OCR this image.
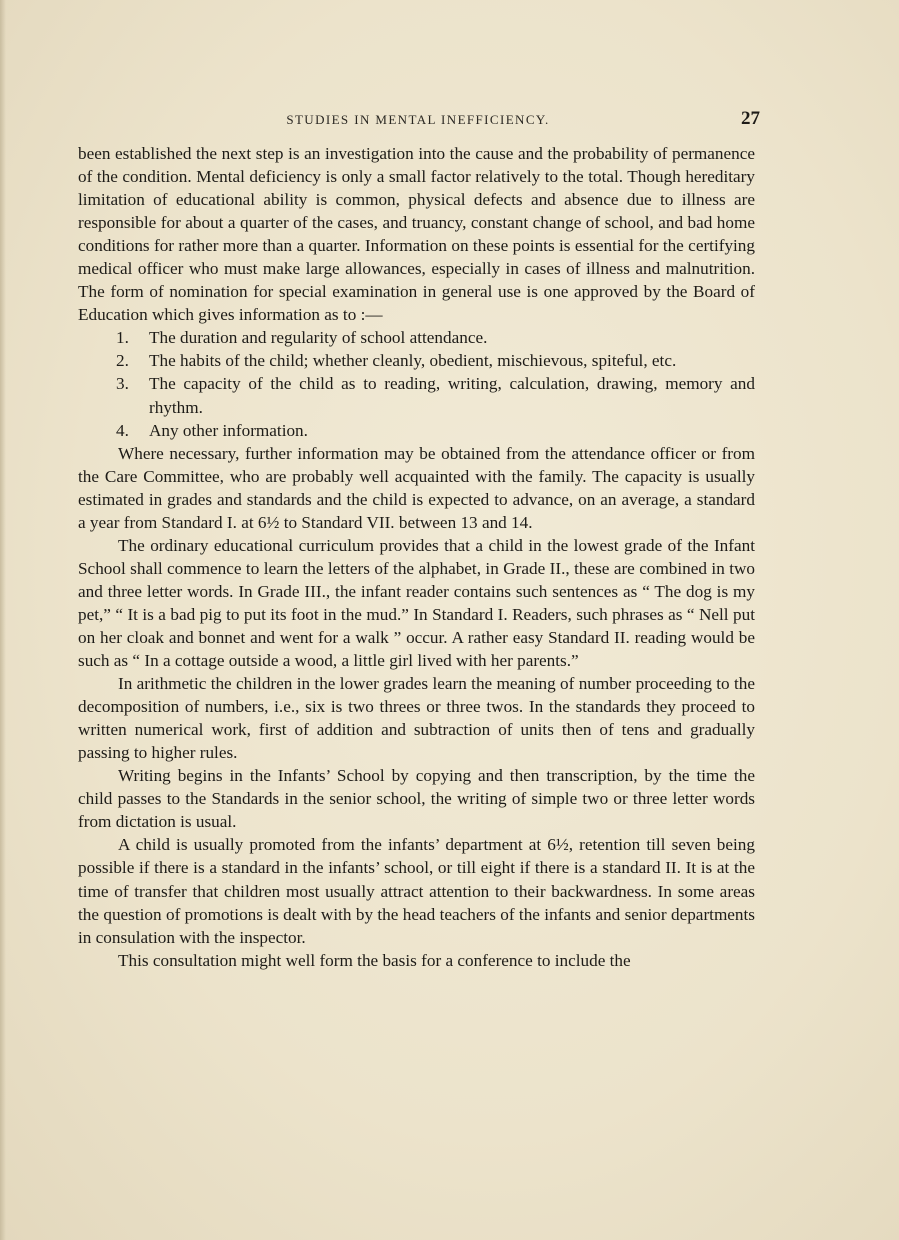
STUDIES IN MENTAL INEFFICIENCY.	27

been established the next step is an investigation into the cause and the probability of permanence of the condition. Mental deficiency is only a small factor relatively to the total. Though hereditary limitation of educational ability is common, physical defects and absence due to illness are responsible for about a quarter of the cases, and truancy, constant change of school, and bad home conditions for rather more than a quarter. Information on these points is essential for the certifying medical officer who must make large allowances, especially in cases of illness and malnutrition. The form of nomination for special examination in general use is one approved by the Board of Education which gives information as to :—

1.	The duration and regularity of school attendance.
2.	The habits of the child; whether cleanly, obedient, mischievous, spiteful, etc.
3.	The capacity of the child as to reading, writing, calculation, drawing, memory and rhythm.
4.	Any other information.

Where necessary, further information may be obtained from the attendance officer or from the Care Committee, who are probably well acquainted with the family. The capacity is usually estimated in grades and standards and the child is expected to advance, on an average, a standard a year from Standard I. at 6½ to Standard VII. between 13 and 14.

The ordinary educational curriculum provides that a child in the lowest grade of the Infant School shall commence to learn the letters of the alphabet, in Grade II., these are combined in two and three letter words. In Grade III., the infant reader contains such sentences as “ The dog is my pet,” “ It is a bad pig to put its foot in the mud.” In Standard I. Readers, such phrases as “ Nell put on her cloak and bonnet and went for a walk ” occur. A rather easy Standard II. reading would be such as “ In a cottage outside a wood, a little girl lived with her parents.”

In arithmetic the children in the lower grades learn the meaning of number proceeding to the decomposition of numbers, i.e., six is two threes or three twos. In the standards they proceed to written numerical work, first of addition and subtraction of units then of tens and gradually passing to higher rules.

Writing begins in the Infants’ School by copying and then transcription, by the time the child passes to the Standards in the senior school, the writing of simple two or three letter words from dictation is usual.

A child is usually promoted from the infants’ department at 6½, retention till seven being possible if there is a standard in the infants’ school, or till eight if there is a standard II. It is at the time of transfer that children most usually attract attention to their backwardness. In some areas the question of promotions is dealt with by the head teachers of the infants and senior departments in consulation with the inspector.

This consultation might well form the basis for a conference to include the
